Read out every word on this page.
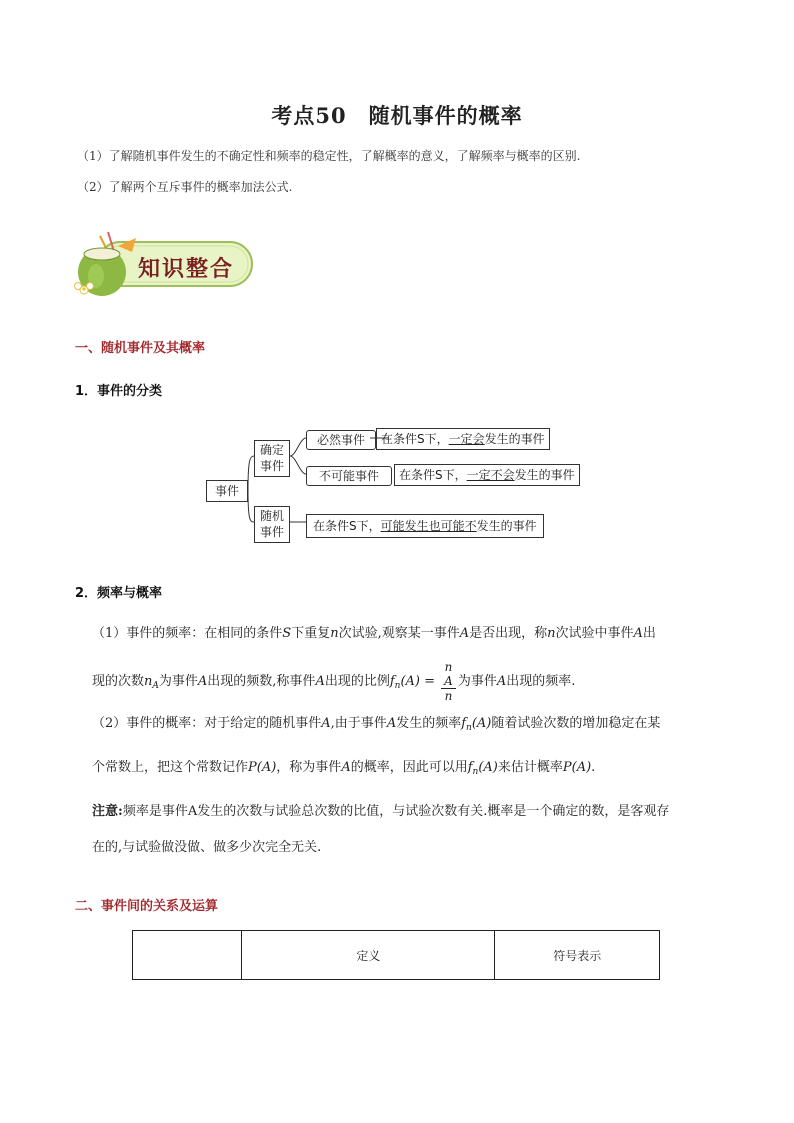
考点50　随机事件的概率
（1）了解随机事件发生的不确定性和频率的稳定性，了解概率的意义，了解频率与概率的区别.
（2）了解两个互斥事件的概率加法公式.
知识整合
一、随机事件及其概率
1．事件的分类
事件
确定事件
随机事件
必然事件
不可能事件
在条件S下，一定会发生的事件
在条件S下，一定不会发生的事件
在条件S下，可能发生也可能不发生的事件
2．频率与概率
（1）事件的频率：在相同的条件S下重复n次试验,观察某一事件A是否出现，称n次试验中事件A出
现的次数$n_A$为事件A出现的频数,称事件A出现的比例$f_n(A) = n$
A
n 为事件A出现的频率.
（2）事件的概率：对于给定的随机事件A,由于事件A发生的频率$f_n(A)$随着试验次数的增加稳定在某
个常数上，把这个常数记作P(A)，称为事件A的概率，因此可以用$f_n(A)$来估计概率P(A).
注意:频率是事件A发生的次数与试验总次数的比值，与试验次数有关.概率是一个确定的数，是客观存
在的,与试验做没做、做多少次完全无关.
二、事件间的关系及运算
	定义	符号表示
